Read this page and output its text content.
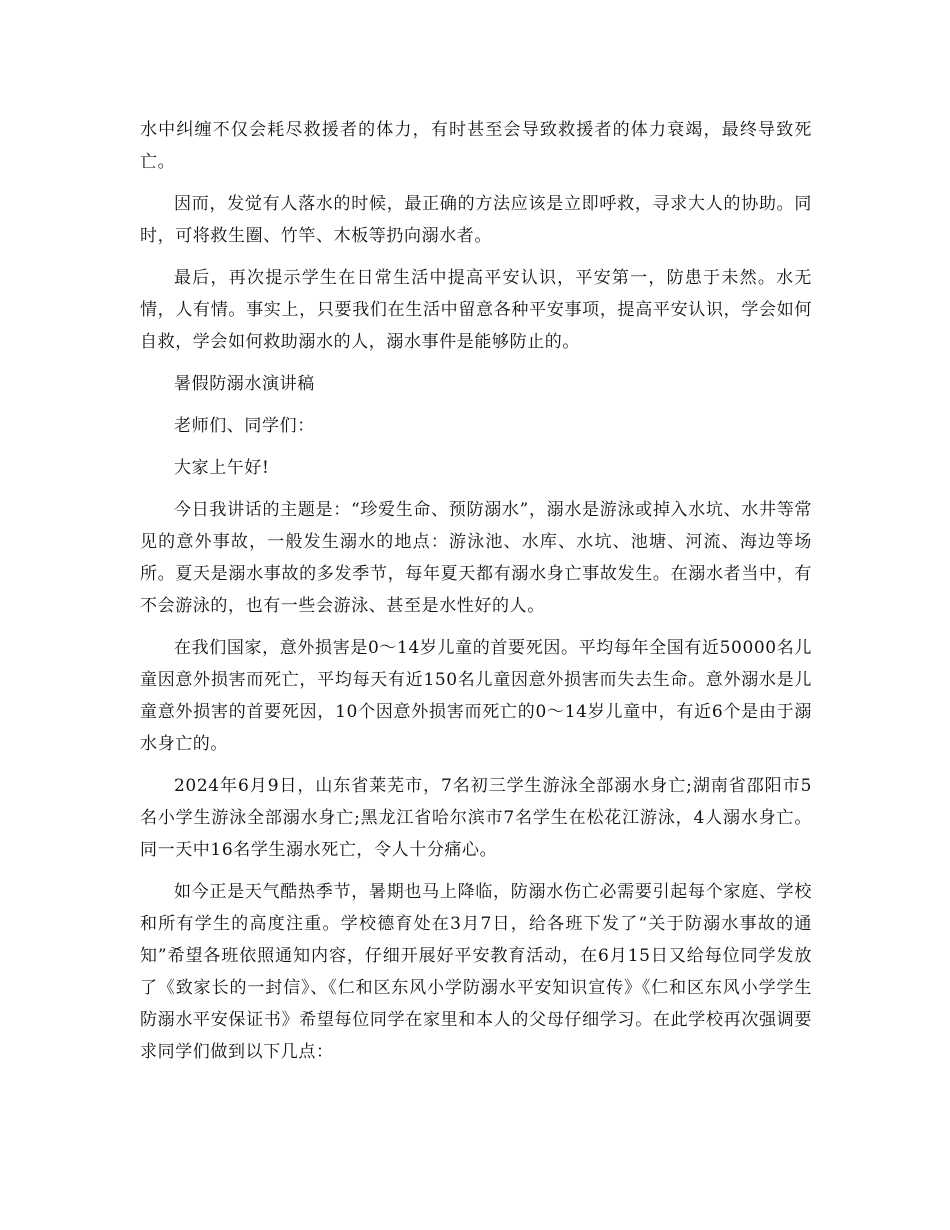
水中纠缠不仅会耗尽救援者的体力，有时甚至会导致救援者的体力衰竭，最终导致死亡。

因而，发觉有人落水的时候，最正确的方法应该是立即呼救，寻求大人的协助。同时，可将救生圈、竹竿、木板等扔向溺水者。

最后，再次提示学生在日常生活中提高平安认识，平安第一，防患于未然。水无情，人有情。事实上，只要我们在生活中留意各种平安事项，提高平安认识，学会如何自救，学会如何救助溺水的人，溺水事件是能够防止的。

暑假防溺水演讲稿

老师们、同学们：

大家上午好!

今日我讲话的主题是：“珍爱生命、预防溺水”，溺水是游泳或掉入水坑、水井等常见的意外事故，一般发生溺水的地点：游泳池、水库、水坑、池塘、河流、海边等场所。夏天是溺水事故的多发季节，每年夏天都有溺水身亡事故发生。在溺水者当中，有不会游泳的，也有一些会游泳、甚至是水性好的人。

在我们国家，意外损害是0～14岁儿童的首要死因。平均每年全国有近50000名儿童因意外损害而死亡，平均每天有近150名儿童因意外损害而失去生命。意外溺水是儿童意外损害的首要死因，10个因意外损害而死亡的0～14岁儿童中，有近6个是由于溺水身亡的。

2024年6月9日，山东省莱芜市，7名初三学生游泳全部溺水身亡;湖南省邵阳市5名小学生游泳全部溺水身亡;黑龙江省哈尔滨市7名学生在松花江游泳，4人溺水身亡。同一天中16名学生溺水死亡，令人十分痛心。

如今正是天气酷热季节，暑期也马上降临，防溺水伤亡必需要引起每个家庭、学校和所有学生的高度注重。学校德育处在3月7日，给各班下发了“关于防溺水事故的通知”希望各班依照通知内容，仔细开展好平安教育活动，在6月15日又给每位同学发放了《致家长的一封信》、《仁和区东风小学防溺水平安知识宣传》《仁和区东风小学学生防溺水平安保证书》希望每位同学在家里和本人的父母仔细学习。在此学校再次强调要求同学们做到以下几点：
